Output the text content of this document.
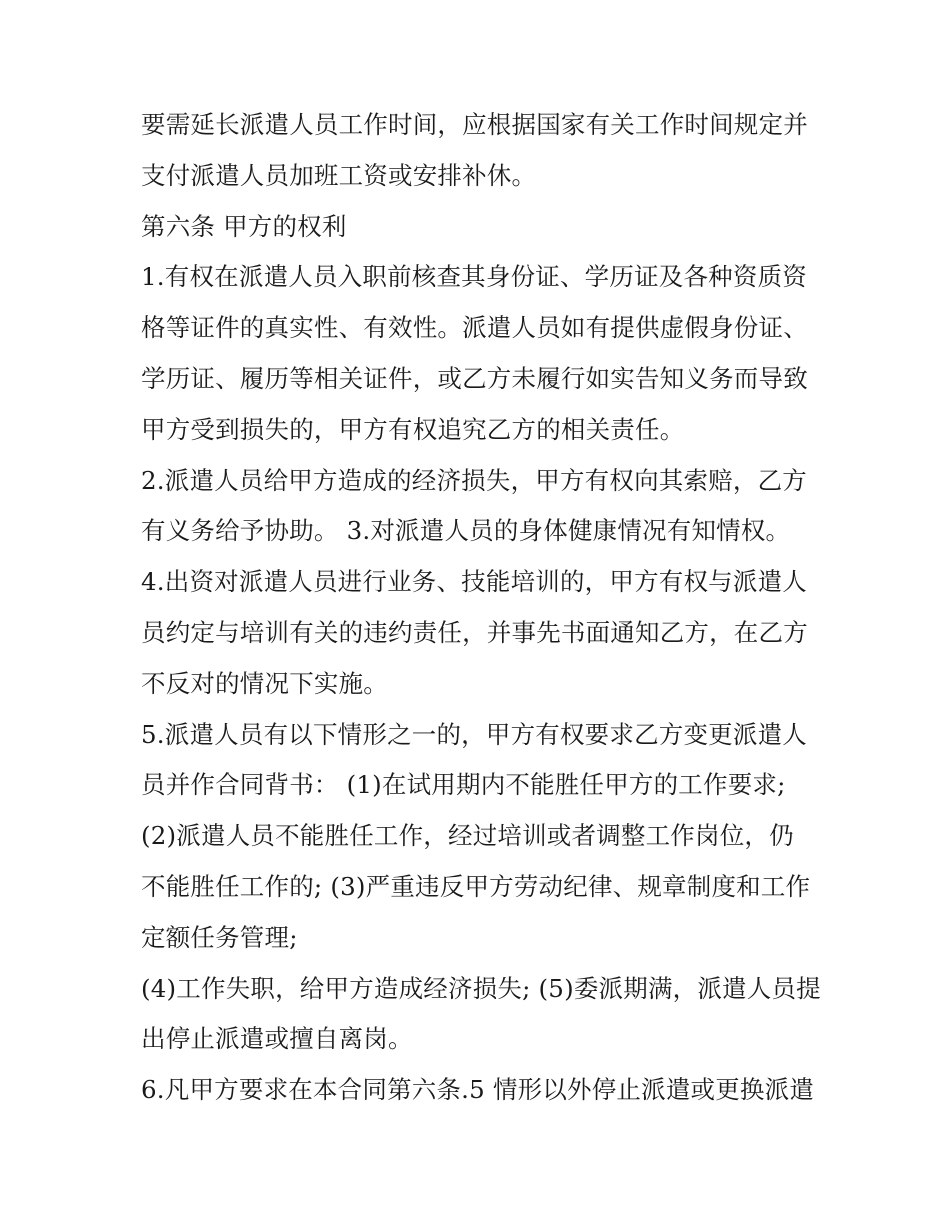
要需延长派遣人员工作时间，应根据国家有关工作时间规定并
支付派遣人员加班工资或安排补休。
第六条 甲方的权利
1.有权在派遣人员入职前核查其身份证、学历证及各种资质资
格等证件的真实性、有效性。派遣人员如有提供虚假身份证、
学历证、履历等相关证件，或乙方未履行如实告知义务而导致
甲方受到损失的，甲方有权追究乙方的相关责任。
2.派遣人员给甲方造成的经济损失，甲方有权向其索赔，乙方
有义务给予协助。 3.对派遣人员的身体健康情况有知情权。
4.出资对派遣人员进行业务、技能培训的，甲方有权与派遣人
员约定与培训有关的违约责任，并事先书面通知乙方，在乙方
不反对的情况下实施。
5.派遣人员有以下情形之一的，甲方有权要求乙方变更派遣人
员并作合同背书： (1)在试用期内不能胜任甲方的工作要求;
(2)派遣人员不能胜任工作，经过培训或者调整工作岗位，仍
不能胜任工作的; (3)严重违反甲方劳动纪律、规章制度和工作
定额任务管理;
(4)工作失职，给甲方造成经济损失; (5)委派期满，派遣人员提
出停止派遣或擅自离岗。
6.凡甲方要求在本合同第六条.5 情形以外停止派遣或更换派遣
